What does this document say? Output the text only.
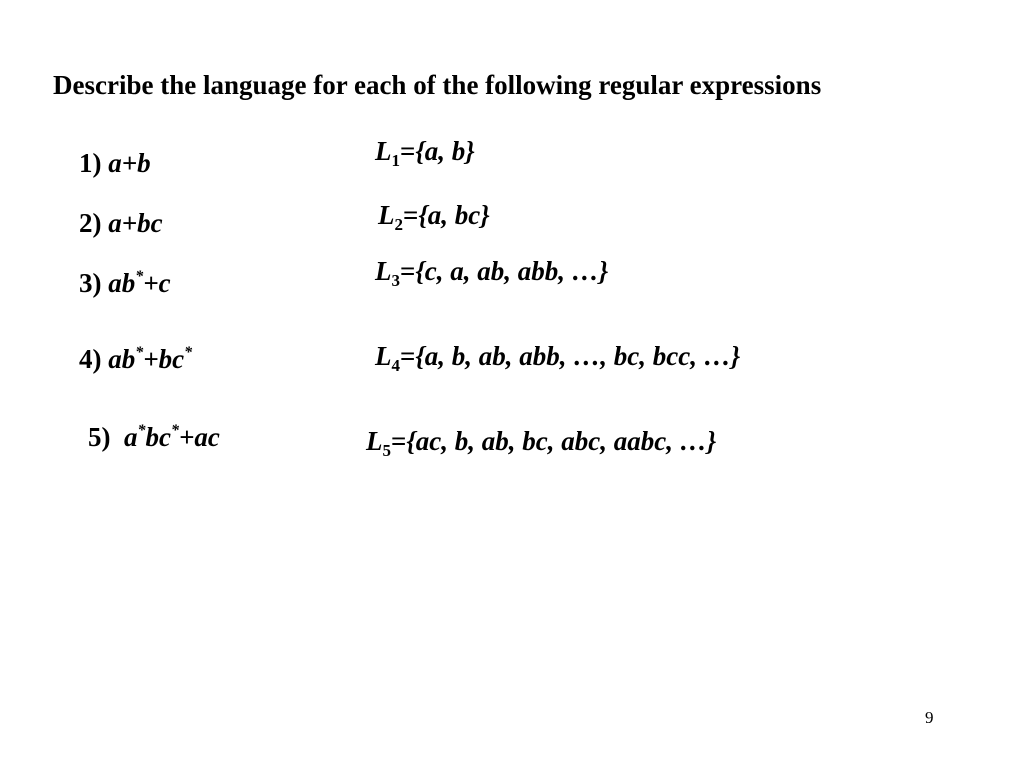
Describe the language for each of the following regular expressions
1) a+b	$L_1=\{a$, b}
2) a+bc	$L_2=\{a$, bc}
3) ab*+c	$L_3=\{c$, a, ab, abb, …}
4) ab*+bc*	$L_4=\{a$, b, ab, abb, …, bc, bcc, …}
5) a*bc*+ac	$L_5=\{ac$, b, ab, bc, abc, aabc, …}
9
